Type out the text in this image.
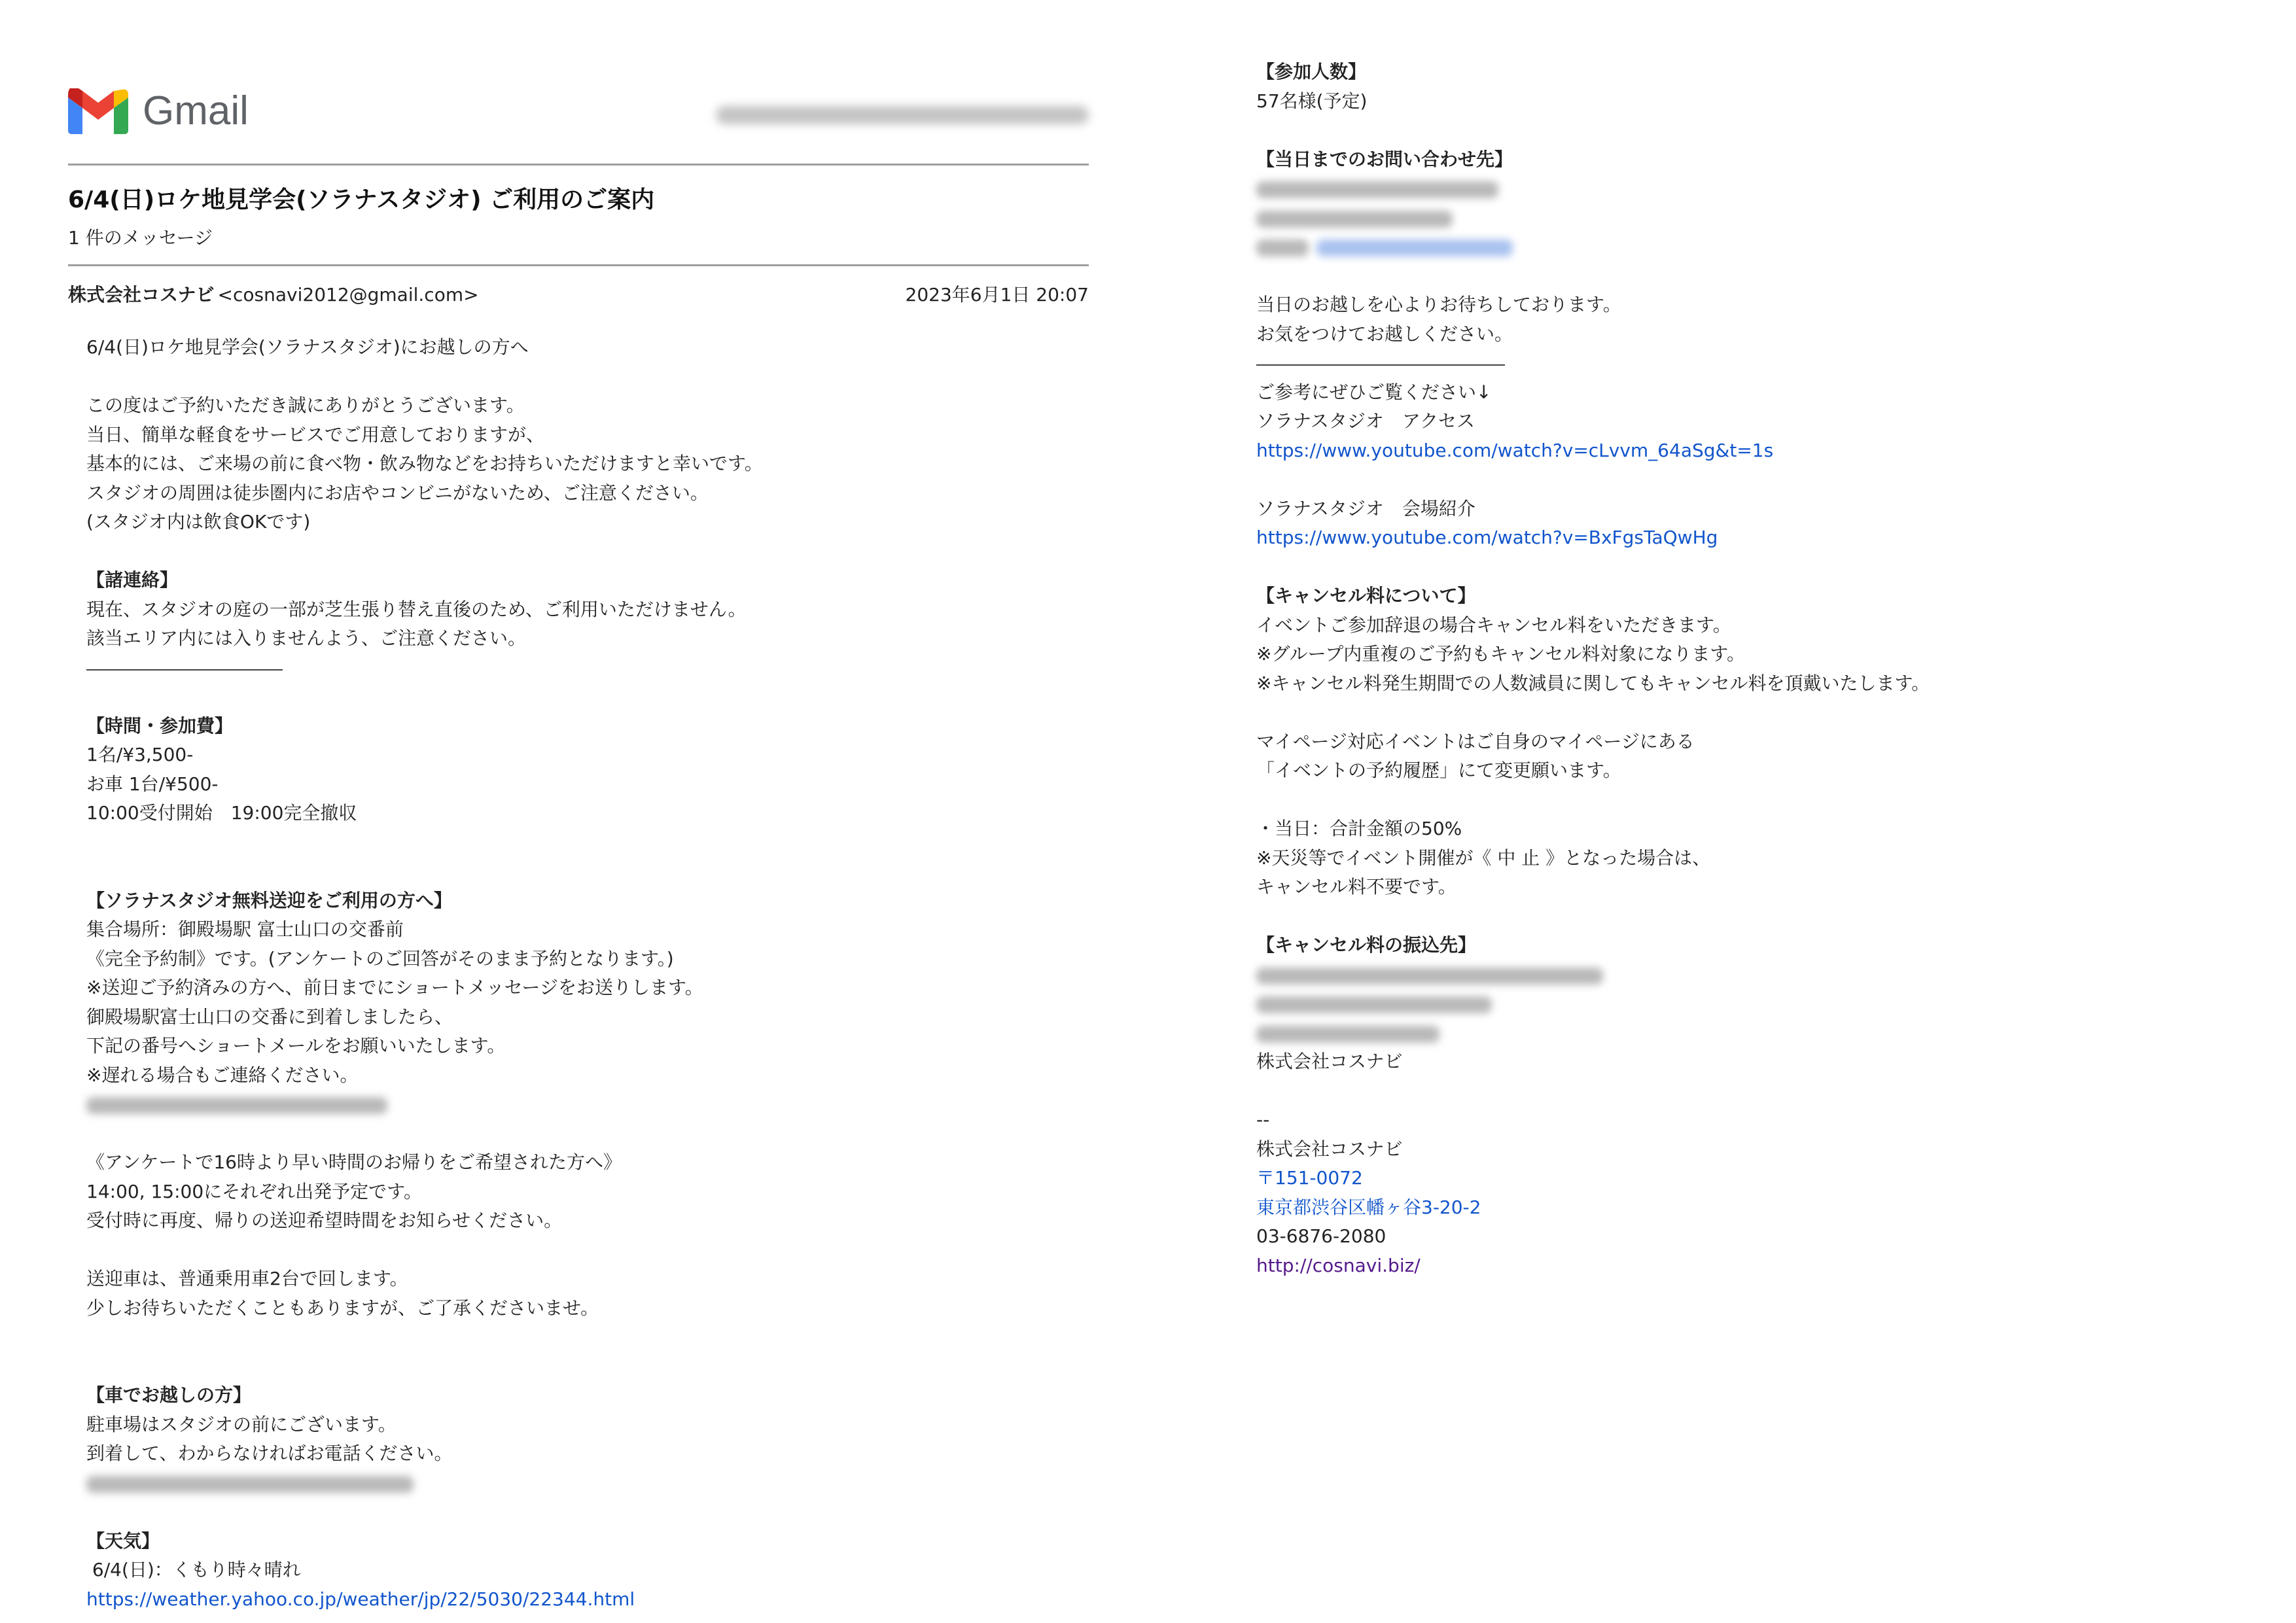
Gmail
6/4(日)ロケ地見学会(ソラナスタジオ) ご利用のご案内
1 件のメッセージ
株式会社コスナビ <cosnavi2012@gmail.com>	2023年6月1日 20:07
6/4(日)ロケ地見学会(ソラナスタジオ)にお越しの方へ
この度はご予約いただき誠にありがとうございます。
当日、簡単な軽食をサービスでご用意しておりますが、
基本的には、ご来場の前に食べ物・飲み物などをお持ちいただけますと幸いです。
スタジオの周囲は徒歩圏内にお店やコンビニがないため、ご注意ください。
(スタジオ内は飲食OKです)
【諸連絡】
現在、スタジオの庭の一部が芝生張り替え直後のため、ご利用いただけません。
該当エリア内には入りませんよう、ご注意ください。
【時間・参加費】
1名/¥3,500-
お車 1台/¥500-
10:00受付開始　19:00完全撤収
【ソラナスタジオ無料送迎をご利用の方へ】
集合場所：御殿場駅 富士山口の交番前
《完全予約制》です。(アンケートのご回答がそのまま予約となります。)
※送迎ご予約済みの方へ、前日までにショートメッセージをお送りします。
御殿場駅富士山口の交番に到着しましたら、
下記の番号へショートメールをお願いいたします。
※遅れる場合もご連絡ください。
《アンケートで16時より早い時間のお帰りをご希望された方へ》
14:00, 15:00にそれぞれ出発予定です。
受付時に再度、帰りの送迎希望時間をお知らせください。
送迎車は、普通乗用車2台で回します。
少しお待ちいただくこともありますが、ご了承くださいませ。
【車でお越しの方】
駐車場はスタジオの前にございます。
到着して、わからなければお電話ください。
【天気】
6/4(日)：くもり時々晴れ
https://weather.yahoo.co.jp/weather/jp/22/5030/22344.html
【参加人数】
57名様(予定)
【当日までのお問い合わせ先】
当日のお越しを心よりお待ちしております。
お気をつけてお越しください。
ご参考にぜひご覧ください↓
ソラナスタジオ　アクセス
https://www.youtube.com/watch?v=cLvvm_64aSg&t=1s
ソラナスタジオ　会場紹介
https://www.youtube.com/watch?v=BxFgsTaQwHg
【キャンセル料について】
イベントご参加辞退の場合キャンセル料をいただきます。
※グループ内重複のご予約もキャンセル料対象になります。
※キャンセル料発生期間での人数減員に関してもキャンセル料を頂戴いたします。
マイページ対応イベントはご自身のマイページにある
「イベントの予約履歴」にて変更願います。
・当日：合計金額の50%
※天災等でイベント開催が《 中 止 》となった場合は、
キャンセル料不要です。
【キャンセル料の振込先】
株式会社コスナビ
--
株式会社コスナビ
〒151-0072
東京都渋谷区幡ヶ谷3-20-2
03-6876-2080
http://cosnavi.biz/
